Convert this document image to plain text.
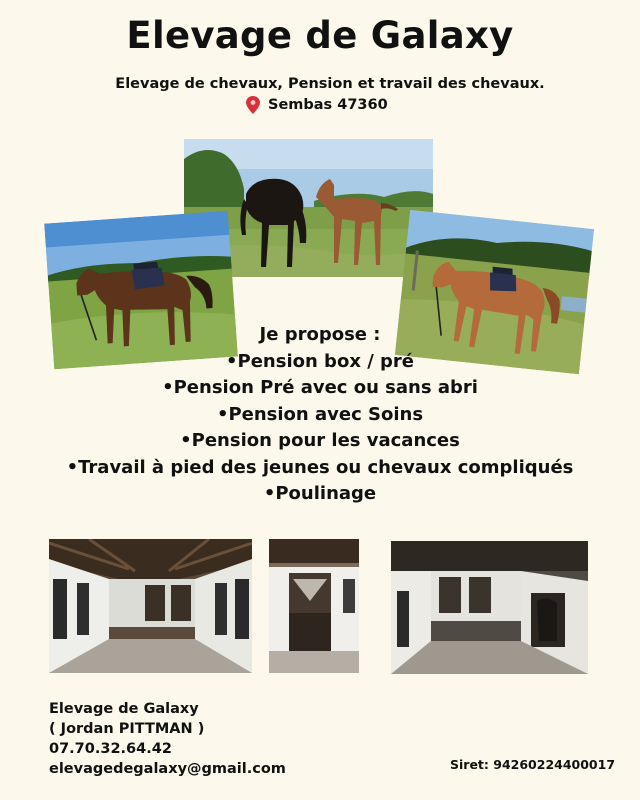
Elevage de Galaxy
Elevage de chevaux, Pension et travail des chevaux.
Sembas 47360
Je propose :
• Pension box / pré
• Pension Pré avec ou sans abri
• Pension avec Soins
• Pension pour les vacances
• Travail à pied des jeunes ou chevaux compliqués
• Poulinage
Elevage de Galaxy
( Jordan PITTMAN )
07.70.32.64.42
elevagedegalaxy@gmail.com	Siret: 94260224400017
